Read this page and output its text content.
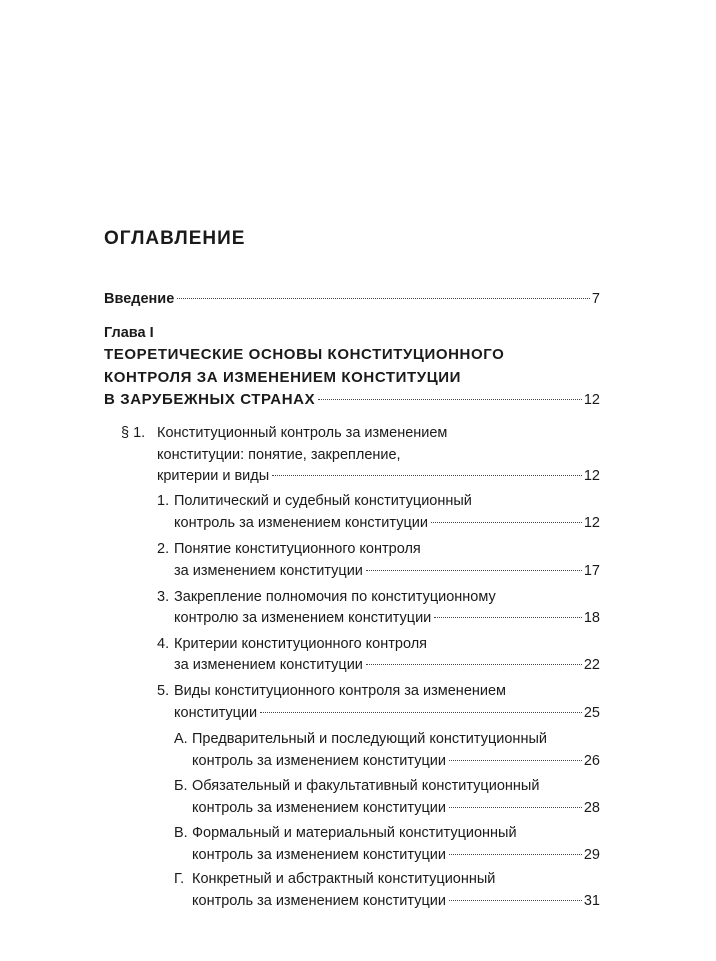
ОГЛАВЛЕНИЕ
Введение	7
Глава I
ТЕОРЕТИЧЕСКИЕ ОСНОВЫ КОНСТИТУЦИОННОГО
КОНТРОЛЯ ЗА ИЗМЕНЕНИЕМ КОНСТИТУЦИИ
В ЗАРУБЕЖНЫХ СТРАНАХ	12
§ 1. Конституционный контроль за изменением
конституции: понятие, закрепление,
критерии и виды	12
1. Политический и судебный конституционный
контроль за изменением конституции	12
2. Понятие конституционного контроля
за изменением конституции	17
3. Закрепление полномочия по конституционному
контролю за изменением конституции	18
4. Критерии конституционного контроля
за изменением конституции	22
5. Виды конституционного контроля за изменением
конституции	25
А. Предварительный и последующий конституционный
контроль за изменением конституции	26
Б. Обязательный и факультативный конституционный
контроль за изменением конституции	28
В. Формальный и материальный конституционный
контроль за изменением конституции	29
Г. Конкретный и абстрактный конституционный
контроль за изменением конституции	31
